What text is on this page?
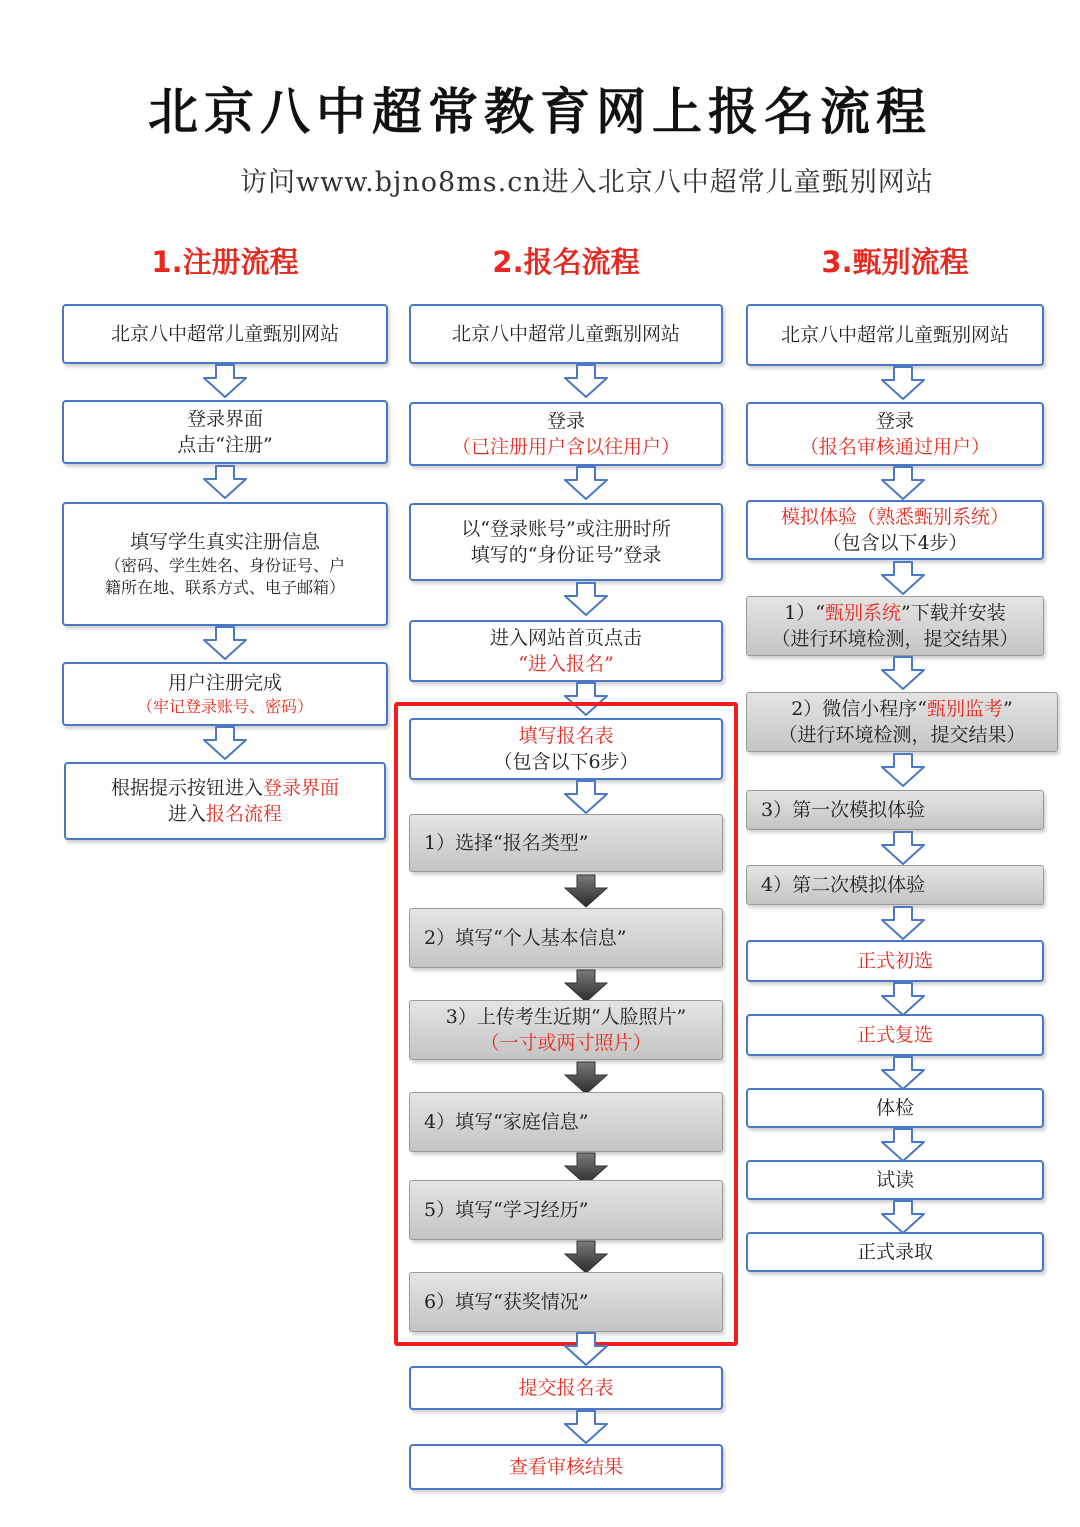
北京八中超常教育网上报名流程
访问www.bjno8ms.cn进入北京八中超常儿童甄别网站
1.注册流程	2.报名流程	3.甄别流程
北京八中超常儿童甄别网站
登录界面
点击“注册”
填写学生真实注册信息
（密码、学生姓名、身份证号、户
籍所在地、联系方式、电子邮箱）
用户注册完成
（牢记登录账号、密码）
根据提示按钮进入登录界面
进入报名流程
北京八中超常儿童甄别网站
登录
（已注册用户含以往用户）
以“登录账号”或注册时所
填写的“身份证号”登录
进入网站首页点击
“进入报名”
填写报名表
（包含以下6步）
1）选择“报名类型”
2）填写“个人基本信息”
3）上传考生近期“人脸照片”
（一寸或两寸照片）
4）填写“家庭信息”
5）填写“学习经历”
6）填写“获奖情况”
提交报名表
查看审核结果
北京八中超常儿童甄别网站
登录
（报名审核通过用户）
模拟体验（熟悉甄别系统）
（包含以下4步）
1）“甄别系统”下载并安装
（进行环境检测，提交结果）
2）微信小程序“甄别监考”
（进行环境检测，提交结果）
3）第一次模拟体验
4）第二次模拟体验
正式初选
正式复选
体检
试读
正式录取
